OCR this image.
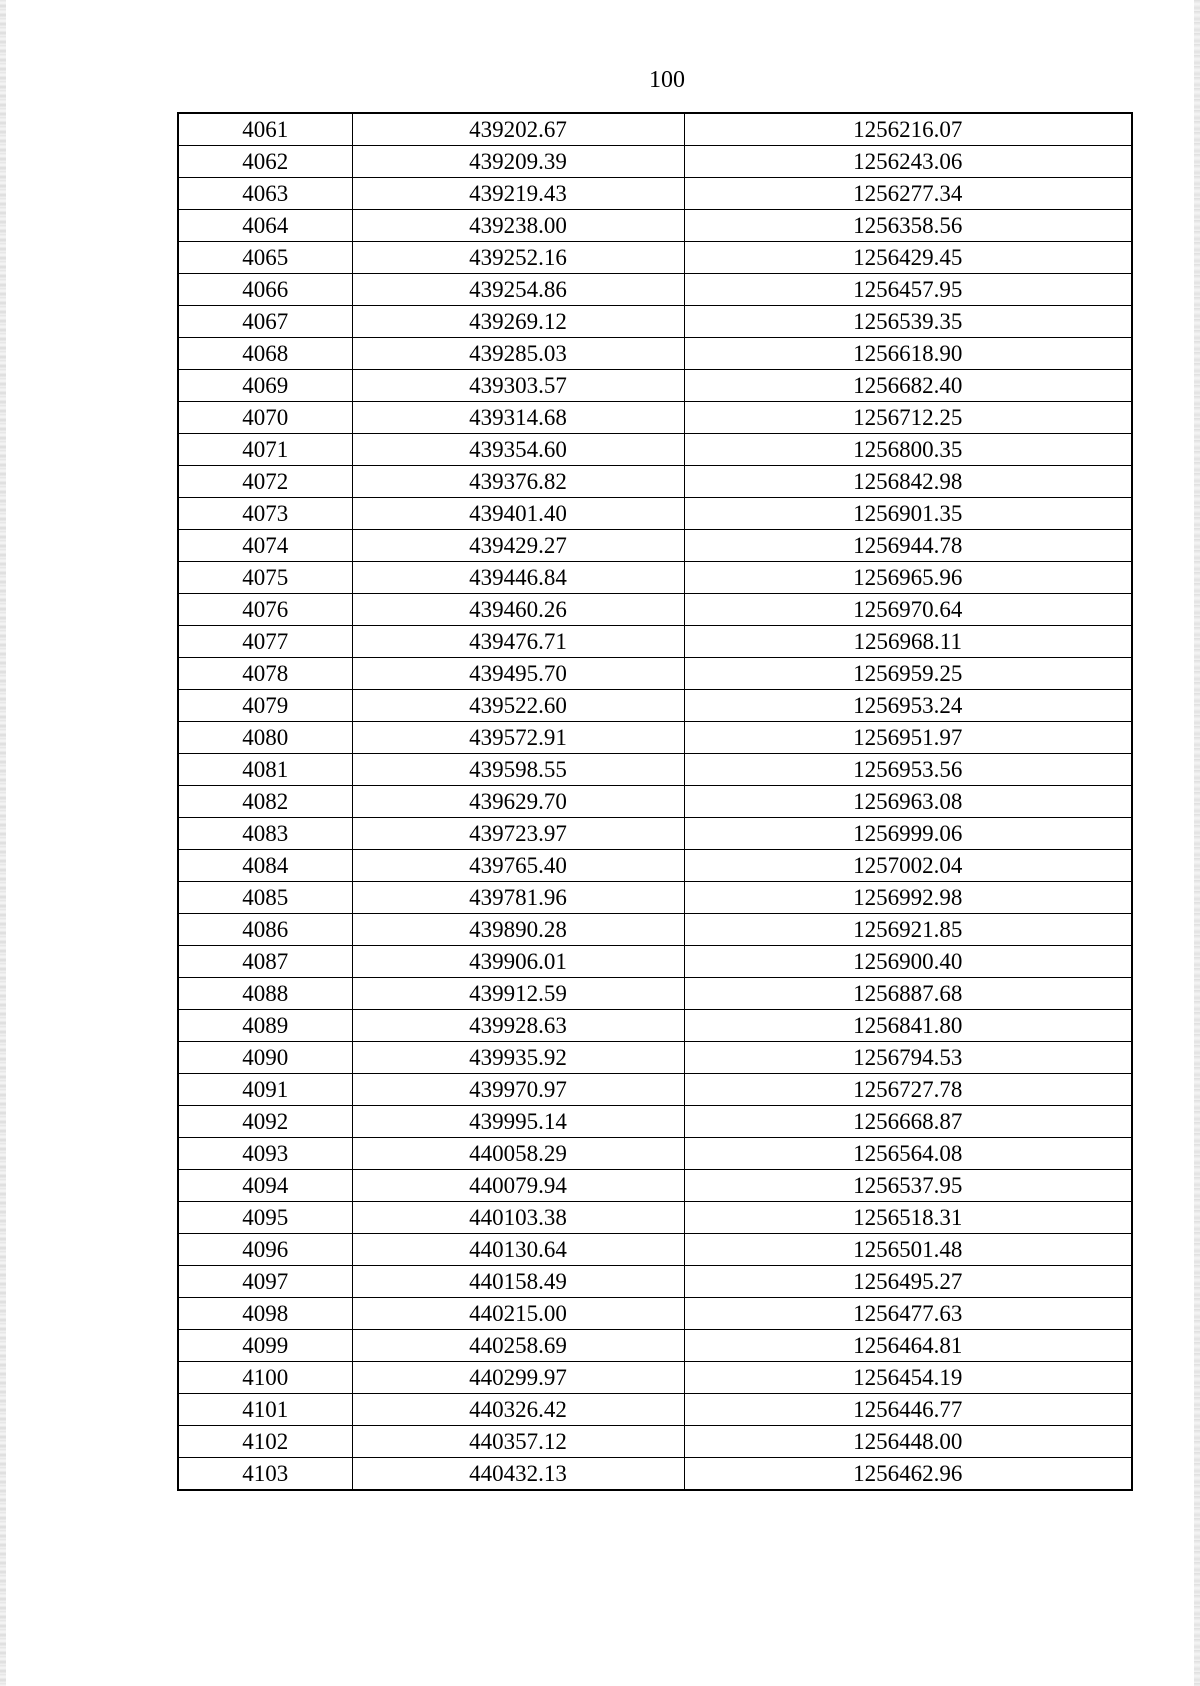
100
4061	439202.67	1256216.07
4062	439209.39	1256243.06
4063	439219.43	1256277.34
4064	439238.00	1256358.56
4065	439252.16	1256429.45
4066	439254.86	1256457.95
4067	439269.12	1256539.35
4068	439285.03	1256618.90
4069	439303.57	1256682.40
4070	439314.68	1256712.25
4071	439354.60	1256800.35
4072	439376.82	1256842.98
4073	439401.40	1256901.35
4074	439429.27	1256944.78
4075	439446.84	1256965.96
4076	439460.26	1256970.64
4077	439476.71	1256968.11
4078	439495.70	1256959.25
4079	439522.60	1256953.24
4080	439572.91	1256951.97
4081	439598.55	1256953.56
4082	439629.70	1256963.08
4083	439723.97	1256999.06
4084	439765.40	1257002.04
4085	439781.96	1256992.98
4086	439890.28	1256921.85
4087	439906.01	1256900.40
4088	439912.59	1256887.68
4089	439928.63	1256841.80
4090	439935.92	1256794.53
4091	439970.97	1256727.78
4092	439995.14	1256668.87
4093	440058.29	1256564.08
4094	440079.94	1256537.95
4095	440103.38	1256518.31
4096	440130.64	1256501.48
4097	440158.49	1256495.27
4098	440215.00	1256477.63
4099	440258.69	1256464.81
4100	440299.97	1256454.19
4101	440326.42	1256446.77
4102	440357.12	1256448.00
4103	440432.13	1256462.96
